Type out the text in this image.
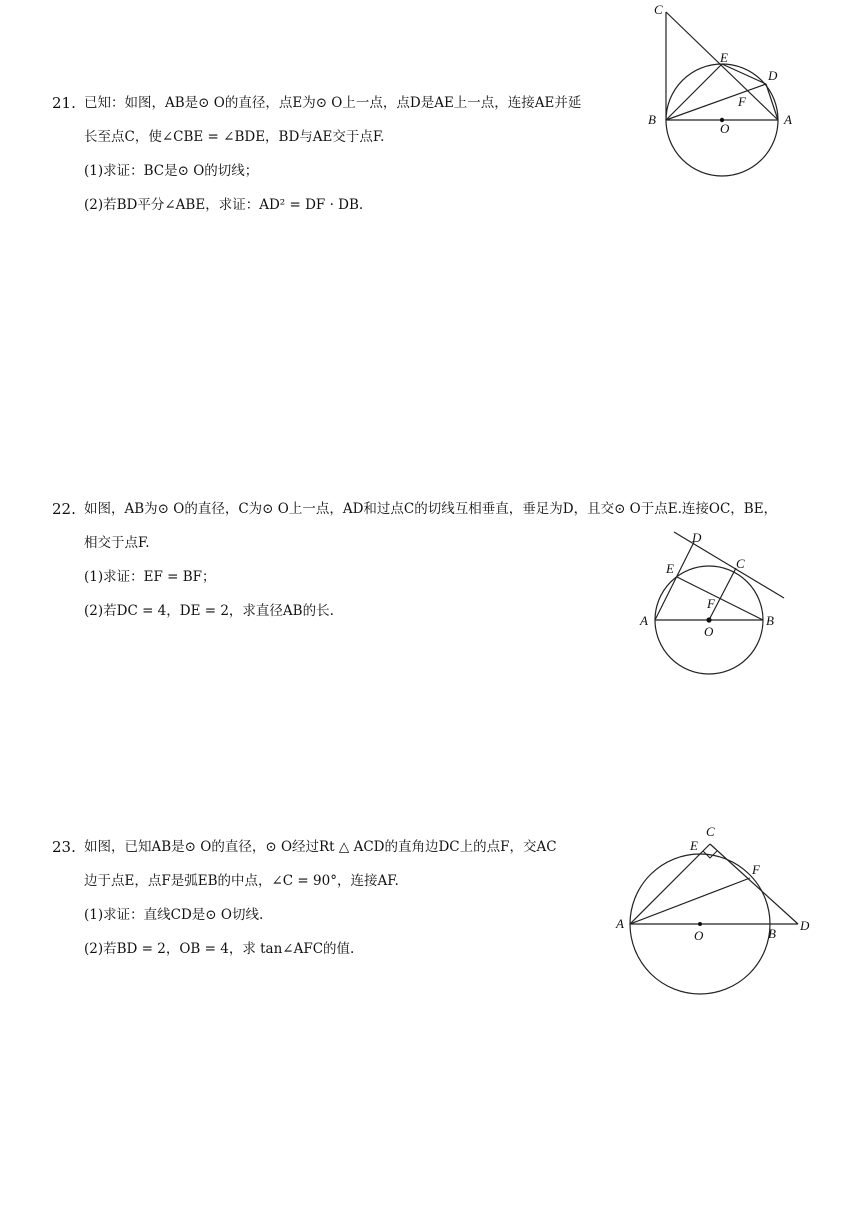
21. 已知：如图，AB是⊙ O的直径，点E为⊙ O上一点，点D是AE上一点，连接AE并延
长至点C，使∠CBE = ∠BDE，BD与AE交于点F.
(1)求证：BC是⊙ O的切线；
(2)若BD平分∠ABE，求证：AD² = DF · DB.
C
E
D
F
B
O
A
22. 如图，AB为⊙ O的直径，C为⊙ O上一点，AD和过点C的切线互相垂直，垂足为D，且交⊙ O于点E.连接OC，BE，
相交于点F.
(1)求证：EF = BF；
(2)若DC = 4，DE = 2，求直径AB的长.
D
C
E
F
A
O
B
23. 如图，已知AB是⊙ O的直径，⊙ O经过Rt △ ACD的直角边DC上的点F，交AC
边于点E，点F是弧EB的中点，∠C = 90°，连接AF.
(1)求证：直线CD是⊙ O切线.
(2)若BD = 2，OB = 4，求 tan∠AFC的值.
C
E
F
A
O	B
D
